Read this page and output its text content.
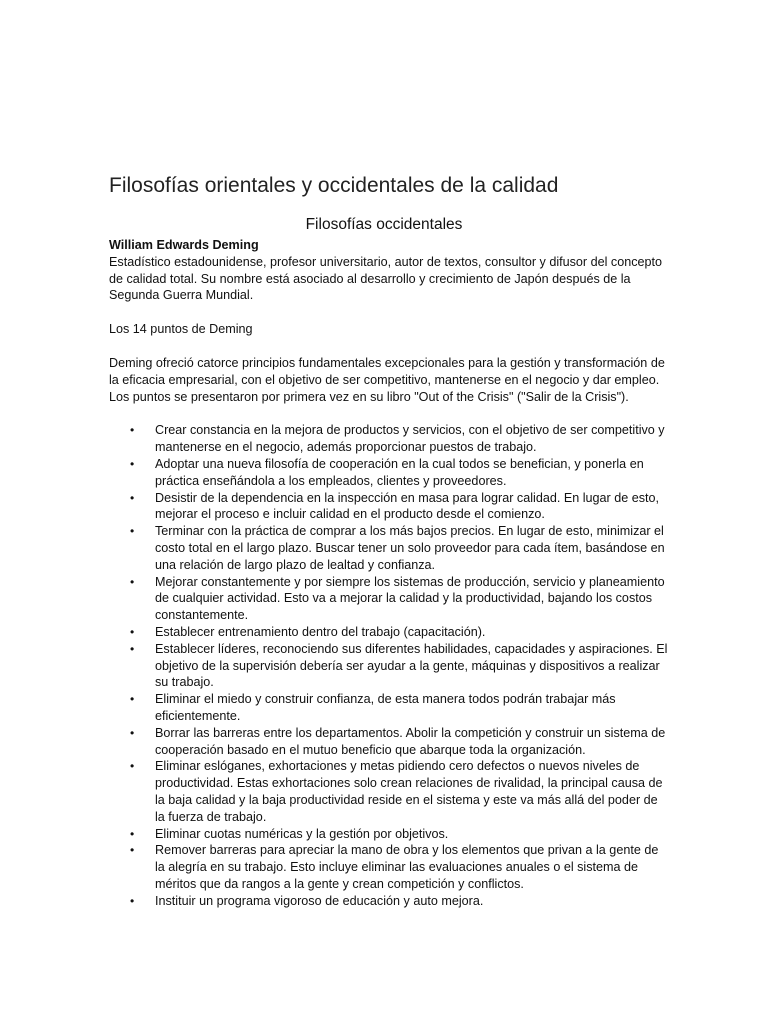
Filosofías orientales y occidentales de la calidad
Filosofías occidentales

William Edwards Deming

Estadístico estadounidense, profesor universitario, autor de textos, consultor y difusor del concepto de calidad total. Su nombre está asociado al desarrollo y crecimiento de Japón después de la Segunda Guerra Mundial.

Los 14 puntos de Deming

Deming ofreció catorce principios fundamentales excepcionales para la gestión y transformación de la eficacia empresarial, con el objetivo de ser competitivo, mantenerse en el negocio y dar empleo. Los puntos se presentaron por primera vez en su libro "Out of the Crisis" ("Salir de la Crisis").

• Crear constancia en la mejora de productos y servicios, con el objetivo de ser competitivo y mantenerse en el negocio, además proporcionar puestos de trabajo.
• Adoptar una nueva filosofía de cooperación en la cual todos se benefician, y ponerla en práctica enseñándola a los empleados, clientes y proveedores.
• Desistir de la dependencia en la inspección en masa para lograr calidad. En lugar de esto, mejorar el proceso e incluir calidad en el producto desde el comienzo.
• Terminar con la práctica de comprar a los más bajos precios. En lugar de esto, minimizar el costo total en el largo plazo. Buscar tener un solo proveedor para cada ítem, basándose en una relación de largo plazo de lealtad y confianza.
• Mejorar constantemente y por siempre los sistemas de producción, servicio y planeamiento de cualquier actividad. Esto va a mejorar la calidad y la productividad, bajando los costos constantemente.
• Establecer entrenamiento dentro del trabajo (capacitación).
• Establecer líderes, reconociendo sus diferentes habilidades, capacidades y aspiraciones. El objetivo de la supervisión debería ser ayudar a la gente, máquinas y dispositivos a realizar su trabajo.
• Eliminar el miedo y construir confianza, de esta manera todos podrán trabajar más eficientemente.
• Borrar las barreras entre los departamentos. Abolir la competición y construir un sistema de cooperación basado en el mutuo beneficio que abarque toda la organización.
• Eliminar eslóganes, exhortaciones y metas pidiendo cero defectos o nuevos niveles de productividad. Estas exhortaciones solo crean relaciones de rivalidad, la principal causa de la baja calidad y la baja productividad reside en el sistema y este va más allá del poder de la fuerza de trabajo.
• Eliminar cuotas numéricas y la gestión por objetivos.
• Remover barreras para apreciar la mano de obra y los elementos que privan a la gente de la alegría en su trabajo. Esto incluye eliminar las evaluaciones anuales o el sistema de méritos que da rangos a la gente y crean competición y conflictos.
• Instituir un programa vigoroso de educación y auto mejora.
